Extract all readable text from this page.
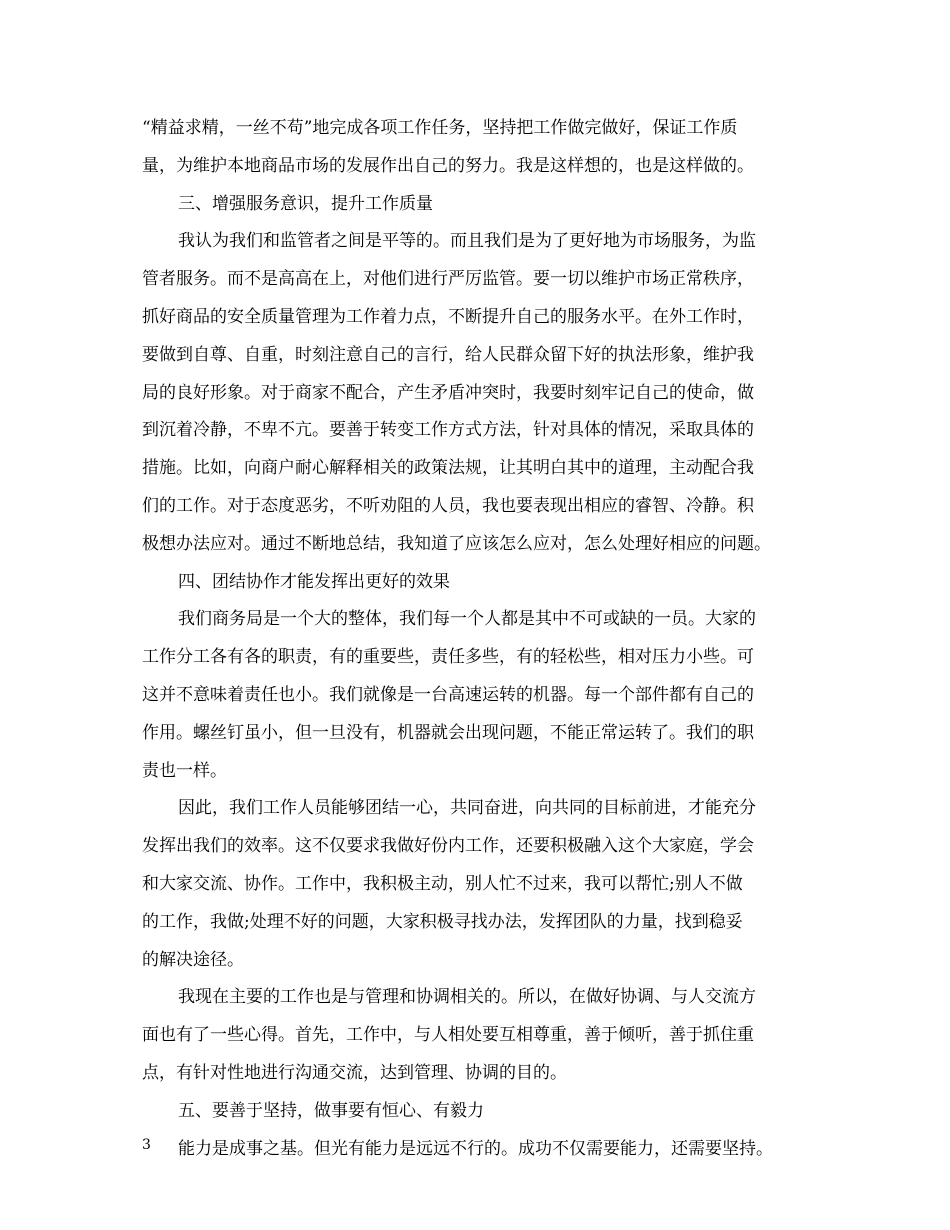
“精益求精，一丝不苟”地完成各项工作任务，坚持把工作做完做好，保证工作质
量，为维护本地商品市场的发展作出自己的努力。我是这样想的，也是这样做的。
三、增强服务意识，提升工作质量
我认为我们和监管者之间是平等的。而且我们是为了更好地为市场服务，为监
管者服务。而不是高高在上，对他们进行严厉监管。要一切以维护市场正常秩序，
抓好商品的安全质量管理为工作着力点，不断提升自己的服务水平。在外工作时，
要做到自尊、自重，时刻注意自己的言行，给人民群众留下好的执法形象，维护我
局的良好形象。对于商家不配合，产生矛盾冲突时，我要时刻牢记自己的使命，做
到沉着冷静，不卑不亢。要善于转变工作方式方法，针对具体的情况，采取具体的
措施。比如，向商户耐心解释相关的政策法规，让其明白其中的道理，主动配合我
们的工作。对于态度恶劣，不听劝阻的人员，我也要表现出相应的睿智、冷静。积
极想办法应对。通过不断地总结，我知道了应该怎么应对，怎么处理好相应的问题。
四、团结协作才能发挥出更好的效果
我们商务局是一个大的整体，我们每一个人都是其中不可或缺的一员。大家的
工作分工各有各的职责，有的重要些，责任多些，有的轻松些，相对压力小些。可
这并不意味着责任也小。我们就像是一台高速运转的机器。每一个部件都有自己的
作用。螺丝钉虽小，但一旦没有，机器就会出现问题，不能正常运转了。我们的职
责也一样。
因此，我们工作人员能够团结一心，共同奋进，向共同的目标前进，才能充分
发挥出我们的效率。这不仅要求我做好份内工作，还要积极融入这个大家庭，学会
和大家交流、协作。工作中，我积极主动，别人忙不过来，我可以帮忙;别人不做
的工作，我做;处理不好的问题，大家积极寻找办法，发挥团队的力量，找到稳妥
的解决途径。
我现在主要的工作也是与管理和协调相关的。所以，在做好协调、与人交流方
面也有了一些心得。首先，工作中，与人相处要互相尊重，善于倾听，善于抓住重
点，有针对性地进行沟通交流，达到管理、协调的目的。
五、要善于坚持，做事要有恒心、有毅力
能力是成事之基。但光有能力是远远不行的。成功不仅需要能力，还需要坚持。
3
